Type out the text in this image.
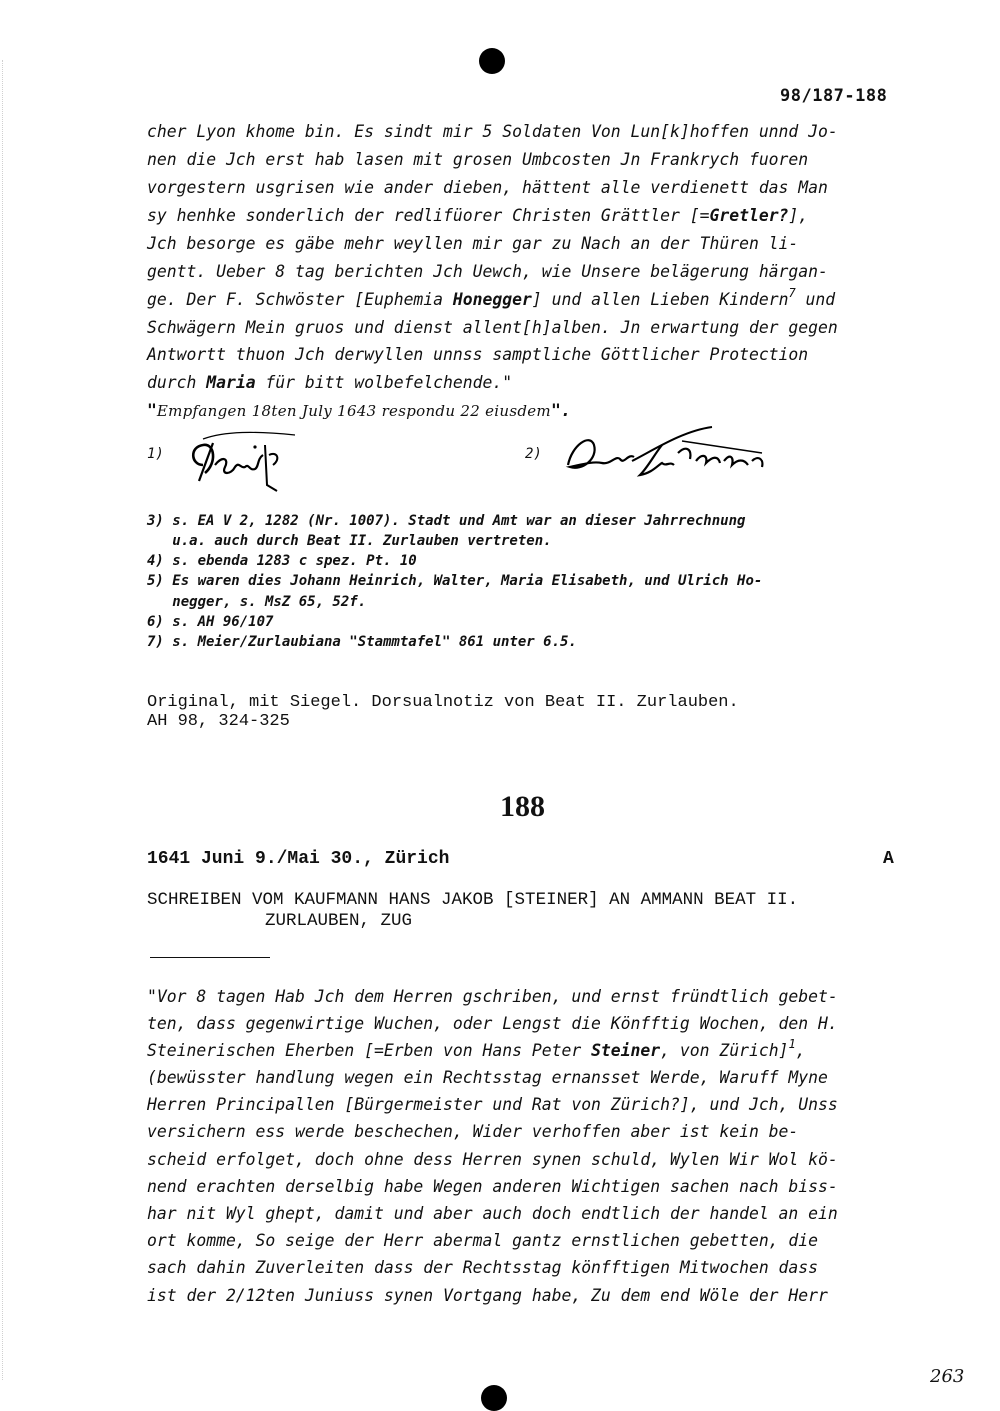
98/187-188
cher Lyon khome bin. Es sindt mir 5 Soldaten Von Lun[k]hoffen unnd Jo-
nen die Jch erst hab lasen mit grosen Umbcosten Jn Frankrych fuoren
vorgestern usgrisen wie ander dieben, hättent alle verdienett das Man
sy henhke sonderlich der redlifüorer Christen Grättler [=Gretler?],
Jch besorge es gäbe mehr weyllen mir gar zu Nach an der Thüren li-
gentt. Ueber 8 tag berichten Jch Uewch, wie Unsere belägerung härgan-
ge. Der F. Schwöster [Euphemia Honegger] und allen Lieben Kindern$^7$ und
Schwägern Mein gruos und dienst allent[h]alben. Jn erwartung der gegen
Antwortt thuon Jch derwyllen unnss samptliche Göttlicher Protection
durch Maria für bitt wolbefelchende."
"Empfangen 18ten July 1643 respondu 22 eiusdem".
1)	2)
3) s. EA V 2, 1282 (Nr. 1007). Stadt und Amt war an dieser Jahrrechnung
u.a. auch durch Beat II. Zurlauben vertreten.
4) s. ebenda 1283 c spez. Pt. 10
5) Es waren dies Johann Heinrich, Walter, Maria Elisabeth, und Ulrich Ho-
negger, s. MsZ 65, 52f.
6) s. AH 96/107
7) s. Meier/Zurlaubiana "Stammtafel" 861 unter 6.5.
Original, mit Siegel. Dorsualnotiz von Beat II. Zurlauben.
AH 98, 324-325
188
1641 Juni 9./Mai 30., Zürich	A
SCHREIBEN VOM KAUFMANN HANS JAKOB [STEINER] AN AMMANN BEAT II.
ZURLAUBEN, ZUG
"Vor 8 tagen Hab Jch dem Herren gschriben, und ernst fründtlich gebet-
ten, dass gegenwirtige Wuchen, oder Lengst die Könfftig Wochen, den H.
Steinerischen Eherben [=Erben von Hans Peter Steiner, von Zürich]$^1$,
(bewüsster handlung wegen ein Rechtsstag ernansset Werde, Waruff Myne
Herren Principallen [Bürgermeister und Rat von Zürich?], und Jch, Unss
versichern ess werde beschechen, Wider verhoffen aber ist kein be-
scheid erfolget, doch ohne dess Herren synen schuld, Wylen Wir Wol kö-
nend erachten derselbig habe Wegen anderen Wichtigen sachen nach biss-
har nit Wyl ghept, damit und aber auch doch endtlich der handel an ein
ort komme, So seige der Herr abermal gantz ernstlichen gebetten, die
sach dahin Zuverleiten dass der Rechtsstag könfftigen Mitwochen dass
ist der 2/12ten Juniuss synen Vortgang habe, Zu dem end Wöle der Herr
263
